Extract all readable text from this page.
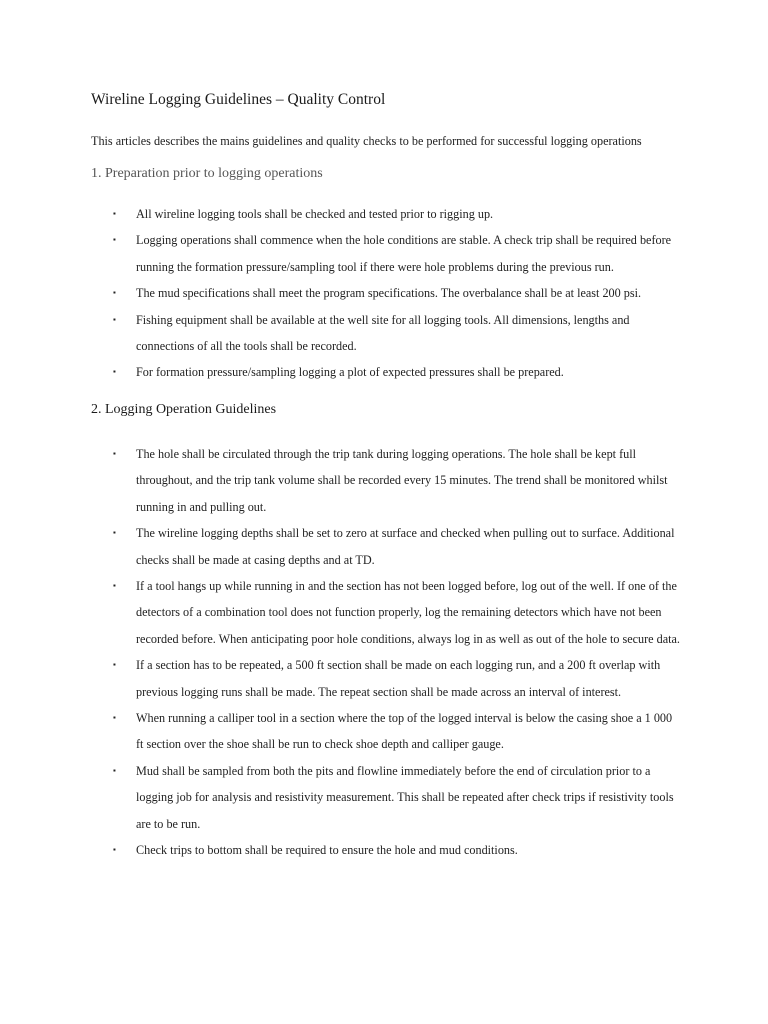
Wireline Logging Guidelines – Quality Control
This articles describes the mains guidelines and quality checks to be performed for successful logging operations
1. Preparation prior to logging operations
▪ All wireline logging tools shall be checked and tested prior to rigging up.
▪ Logging operations shall commence when the hole conditions are stable. A check trip shall be required before running the formation pressure/sampling tool if there were hole problems during the previous run.
▪ The mud specifications shall meet the program specifications. The overbalance shall be at least 200 psi.
▪ Fishing equipment shall be available at the well site for all logging tools. All dimensions, lengths and connections of all the tools shall be recorded.
▪ For formation pressure/sampling logging a plot of expected pressures shall be prepared.
2. Logging Operation Guidelines
▪ The hole shall be circulated through the trip tank during logging operations. The hole shall be kept full throughout, and the trip tank volume shall be recorded every 15 minutes. The trend shall be monitored whilst running in and pulling out.
▪ The wireline logging depths shall be set to zero at surface and checked when pulling out to surface. Additional checks shall be made at casing depths and at TD.
▪ If a tool hangs up while running in and the section has not been logged before, log out of the well. If one of the detectors of a combination tool does not function properly, log the remaining detectors which have not been recorded before. When anticipating poor hole conditions, always log in as well as out of the hole to secure data.
▪ If a section has to be repeated, a 500 ft section shall be made on each logging run, and a 200 ft overlap with previous logging runs shall be made. The repeat section shall be made across an interval of interest.
▪ When running a calliper tool in a section where the top of the logged interval is below the casing shoe a 1 000 ft section over the shoe shall be run to check shoe depth and calliper gauge.
▪ Mud shall be sampled from both the pits and flowline immediately before the end of circulation prior to a logging job for analysis and resistivity measurement. This shall be repeated after check trips if resistivity tools are to be run.
▪ Check trips to bottom shall be required to ensure the hole and mud conditions.
